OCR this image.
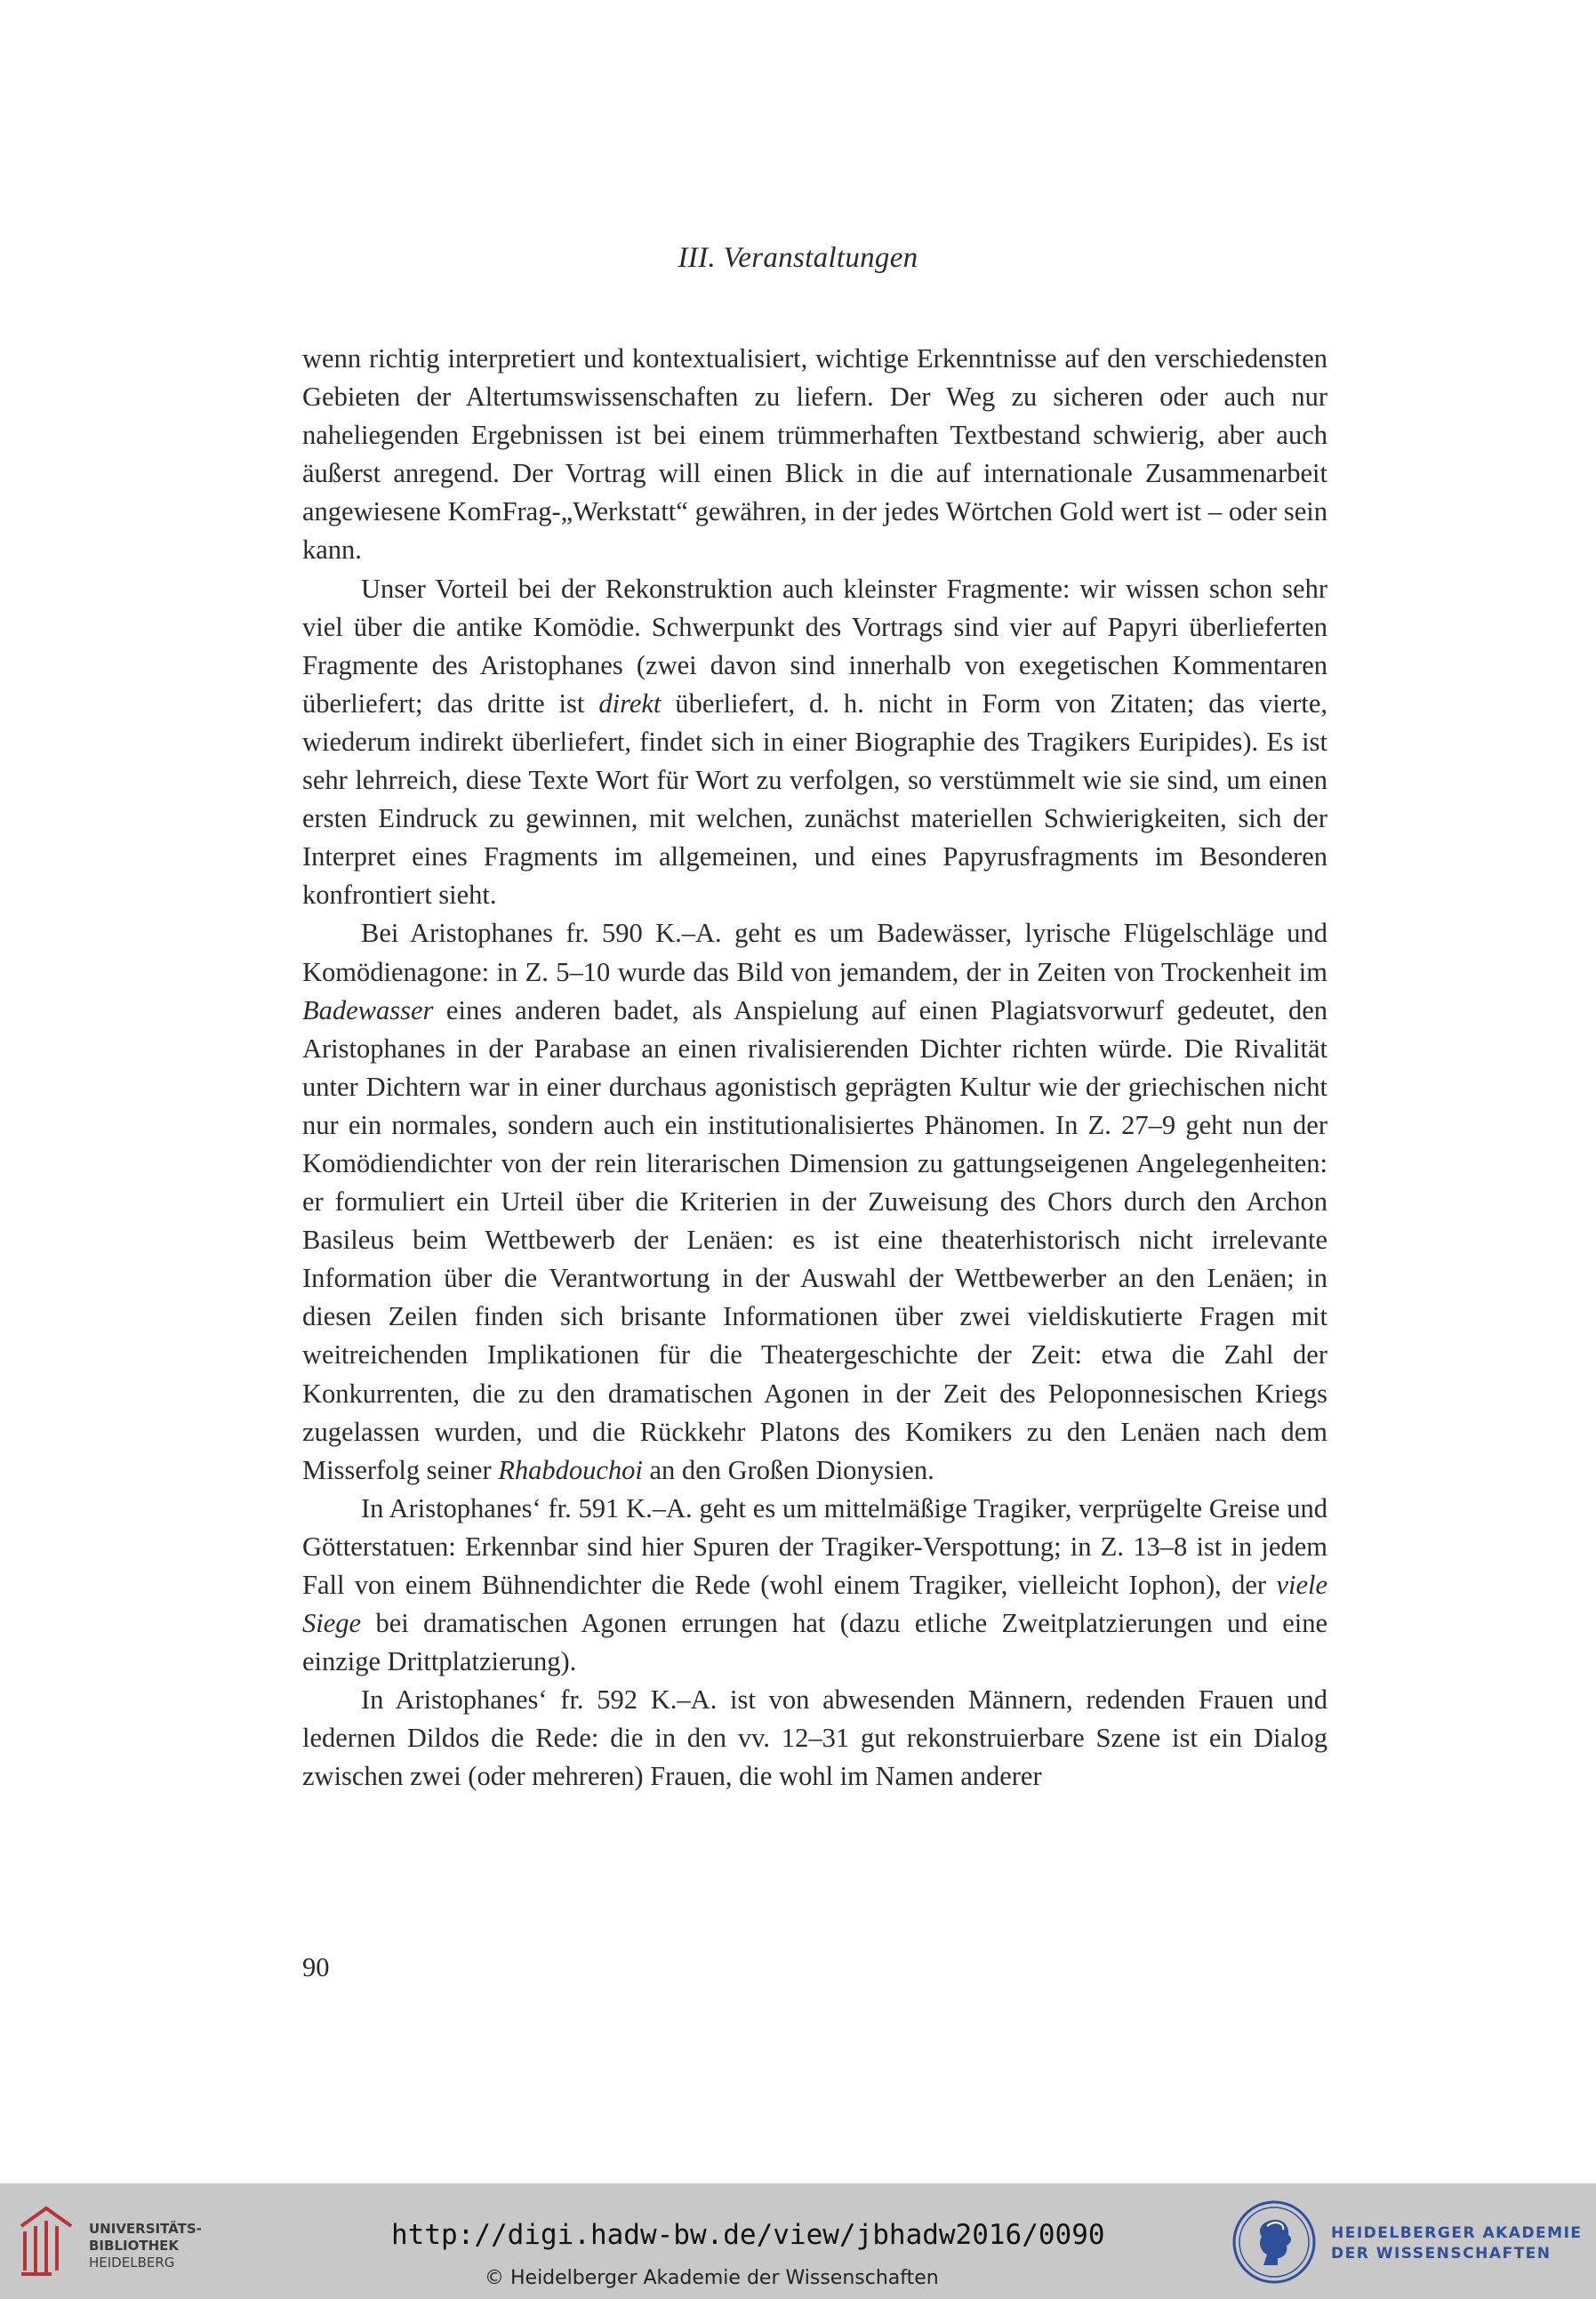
III. Veranstaltungen

wenn richtig interpretiert und kontextualisiert, wichtige Erkenntnisse auf den verschiedensten Gebieten der Altertumswissenschaften zu liefern. Der Weg zu sicheren oder auch nur naheliegenden Ergebnissen ist bei einem trümmerhaften Textbestand schwierig, aber auch äußerst anregend. Der Vortrag will einen Blick in die auf internationale Zusammenarbeit angewiesene KomFrag-„Werkstatt“ gewähren, in der jedes Wörtchen Gold wert ist – oder sein kann.

Unser Vorteil bei der Rekonstruktion auch kleinster Fragmente: wir wissen schon sehr viel über die antike Komödie. Schwerpunkt des Vortrags sind vier auf Papyri überlieferten Fragmente des Aristophanes (zwei davon sind innerhalb von exegetischen Kommentaren überliefert; das dritte ist direkt überliefert, d. h. nicht in Form von Zitaten; das vierte, wiederum indirekt überliefert, findet sich in einer Biographie des Tragikers Euripides). Es ist sehr lehrreich, diese Texte Wort für Wort zu verfolgen, so verstümmelt wie sie sind, um einen ersten Eindruck zu gewinnen, mit welchen, zunächst materiellen Schwierigkeiten, sich der Interpret eines Fragments im allgemeinen, und eines Papyrusfragments im Besonderen konfrontiert sieht.

Bei Aristophanes fr. 590 K.–A. geht es um Badewässer, lyrische Flügelschläge und Komödienagone: in Z. 5–10 wurde das Bild von jemandem, der in Zeiten von Trockenheit im Badewasser eines anderen badet, als Anspielung auf einen Plagiatsvorwurf gedeutet, den Aristophanes in der Parabase an einen rivalisierenden Dichter richten würde. Die Rivalität unter Dichtern war in einer durchaus agonistisch geprägten Kultur wie der griechischen nicht nur ein normales, sondern auch ein institutionalisiertes Phänomen. In Z. 27–9 geht nun der Komödiendichter von der rein literarischen Dimension zu gattungseigenen Angelegenheiten: er formuliert ein Urteil über die Kriterien in der Zuweisung des Chors durch den Archon Basileus beim Wettbewerb der Lenäen: es ist eine theaterhistorisch nicht irrelevante Information über die Verantwortung in der Auswahl der Wettbewerber an den Lenäen; in diesen Zeilen finden sich brisante Informationen über zwei vieldiskutierte Fragen mit weitreichenden Implikationen für die Theatergeschichte der Zeit: etwa die Zahl der Konkurrenten, die zu den dramatischen Agonen in der Zeit des Peloponnesischen Kriegs zugelassen wurden, und die Rückkehr Platons des Komikers zu den Lenäen nach dem Misserfolg seiner Rhabdouchoi an den Großen Dionysien.

In Aristophanes‘ fr. 591 K.–A. geht es um mittelmäßige Tragiker, verprügelte Greise und Götterstatuen: Erkennbar sind hier Spuren der Tragiker-Verspottung; in Z. 13–8 ist in jedem Fall von einem Bühnendichter die Rede (wohl einem Tragiker, vielleicht Iophon), der viele Siege bei dramatischen Agonen errungen hat (dazu etliche Zweitplatzierungen und eine einzige Drittplatzierung).

In Aristophanes‘ fr. 592 K.–A. ist von abwesenden Männern, redenden Frauen und ledernen Dildos die Rede: die in den vv. 12–31 gut rekonstruierbare Szene ist ein Dialog zwischen zwei (oder mehreren) Frauen, die wohl im Namen anderer

90
UNIVERSITÄTS-
BIBLIOTHEK
HEIDELBERG
http://digi.hadw-bw.de/view/jbhadw2016/0090
© Heidelberger Akademie der Wissenschaften
HEIDELBERGER AKADEMIE
DER WISSENSCHAFTEN
